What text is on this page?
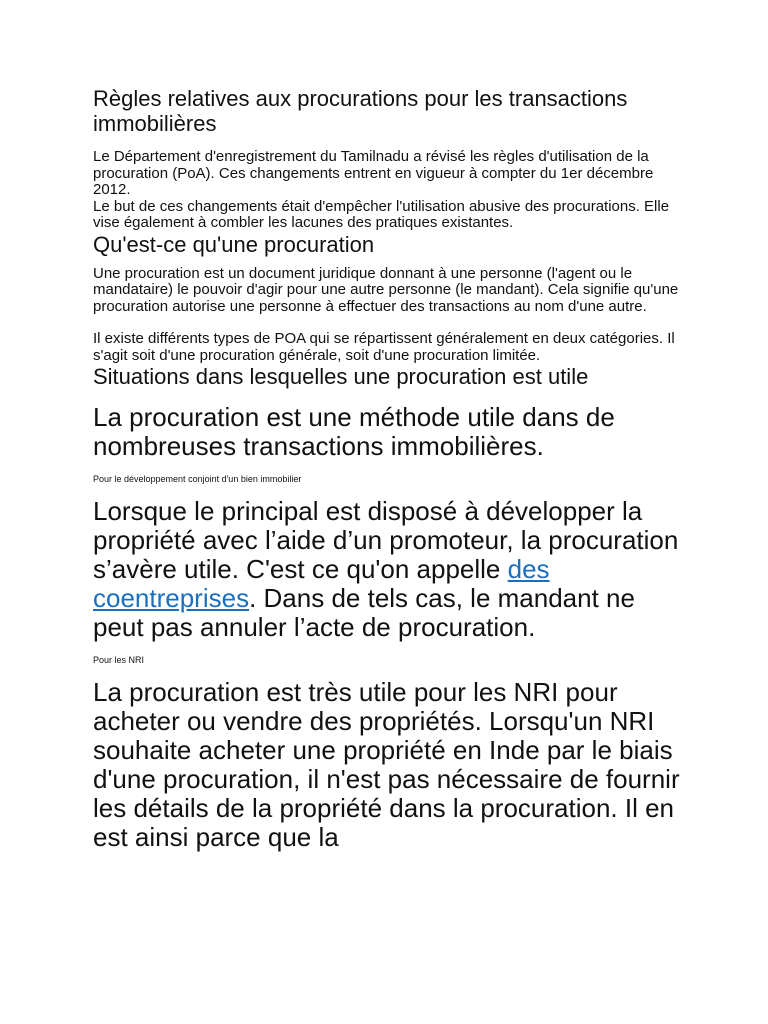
Règles relatives aux procurations pour les transactions immobilières

Le Département d'enregistrement du Tamilnadu a révisé les règles d'utilisation de la procuration (PoA). Ces changements entrent en vigueur à compter du 1er décembre 2012.

Le but de ces changements était d'empêcher l'utilisation abusive des procurations. Elle vise également à combler les lacunes des pratiques existantes.

Qu'est-ce qu'une procuration

Une procuration est un document juridique donnant à une personne (l'agent ou le mandataire) le pouvoir d'agir pour une autre personne (le mandant). Cela signifie qu'une procuration autorise une personne à effectuer des transactions au nom d'une autre.

Il existe différents types de POA qui se répartissent généralement en deux catégories. Il s'agit soit d'une procuration générale, soit d'une procuration limitée.

Situations dans lesquelles une procuration est utile

La procuration est une méthode utile dans de nombreuses transactions immobilières.

Pour le développement conjoint d'un bien immobilier

Lorsque le principal est disposé à développer la propriété avec l’aide d’un promoteur, la procuration s’avère utile. C'est ce qu'on appelle des coentreprises. Dans de tels cas, le mandant ne peut pas annuler l’acte de procuration.

Pour les NRI

La procuration est très utile pour les NRI pour acheter ou vendre des propriétés. Lorsqu'un NRI souhaite acheter une propriété en Inde par le biais d'une procuration, il n'est pas nécessaire de fournir les détails de la propriété dans la procuration. Il en est ainsi parce que la
